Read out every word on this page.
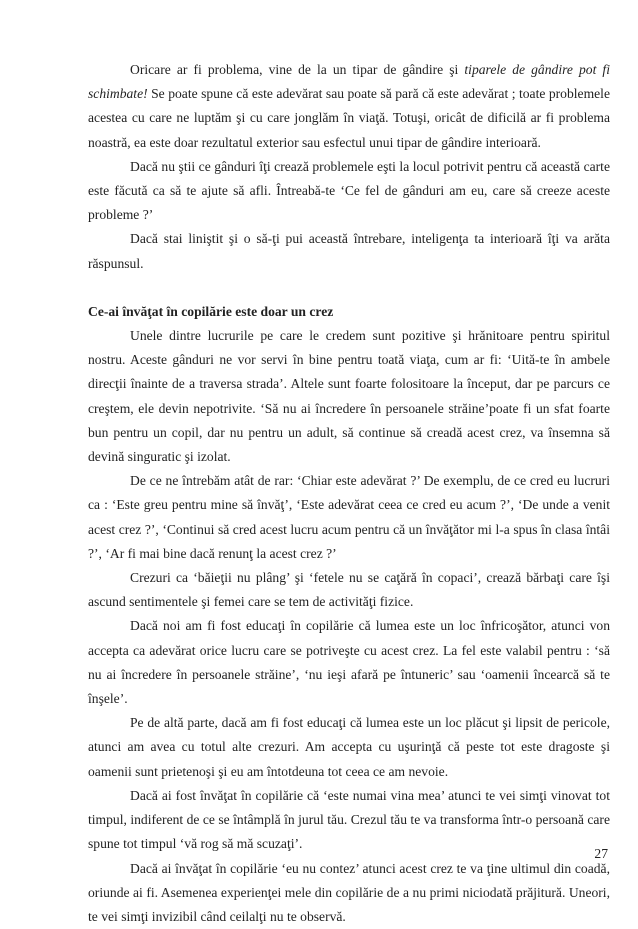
Oricare ar fi problema, vine de la un tipar de gândire şi tiparele de gândire pot fi schimbate! Se poate spune că este adevărat sau poate să pară că este adevărat ; toate problemele acestea cu care ne luptăm şi cu care jonglăm în viaţă. Totuşi, oricât de dificilă ar fi problema noastră, ea este doar rezultatul exterior sau esfectul unui tipar de gândire interioară.

Dacă nu ştii ce gânduri îţi crează problemele eşti la locul potrivit pentru că această carte este făcută ca să te ajute să afli. Întreabă-te ‘Ce fel de gânduri am eu, care să creeze aceste probleme ?’

Dacă stai liniştit şi o să-ţi pui această întrebare, inteligenţa ta interioară îţi va arăta răspunsul.

Ce-ai învăţat în copilărie este doar un crez

Unele dintre lucrurile pe care le credem sunt pozitive şi hrănitoare pentru spiritul nostru. Aceste gânduri ne vor servi în bine pentru toată viaţa, cum ar fi: ‘Uită-te în ambele direcţii înainte de a traversa strada’. Altele sunt foarte folositoare la început, dar pe parcurs ce creştem, ele devin nepotrivite. ‘Să nu ai încredere în persoanele străine’poate fi un sfat foarte bun pentru un copil, dar nu pentru un adult, să continue să creadă acest crez, va însemna să devină singuratic şi izolat.

De ce ne întrebăm atât de rar: ‘Chiar este adevărat ?’ De exemplu, de ce cred eu lucruri ca : ‘Este greu pentru mine să învăţ’, ‘Este adevărat ceea ce cred eu acum ?’, ‘De unde a venit acest crez ?’, ‘Continui să cred acest lucru acum pentru că un învăţător mi l-a spus în clasa întâi ?’, ‘Ar fi mai bine dacă renunţ la acest crez ?’

Crezuri ca ‘băieţii nu plâng’ şi ‘fetele nu se caţără în copaci’, crează bărbaţi care îşi ascund sentimentele şi femei care se tem de activităţi fizice.

Dacă noi am fi fost educaţi în copilărie că lumea este un loc înfricoşător, atunci von accepta ca adevărat orice lucru care se potriveşte cu acest crez. La fel este valabil pentru : ‘să nu ai încredere în persoanele străine’, ‘nu ieşi afară pe întuneric’ sau ‘oamenii încearcă să te înşele’.

Pe de altă parte, dacă am fi fost educaţi că lumea este un loc plăcut şi lipsit de pericole, atunci am avea cu totul alte crezuri. Am accepta cu uşurinţă că peste tot este dragoste şi oamenii sunt prietenoşi şi eu am întotdeuna tot ceea ce am nevoie.

Dacă ai fost învăţat în copilărie că ‘este numai vina mea’ atunci te vei simţi vinovat tot timpul, indiferent de ce se întâmplă în jurul tău. Crezul tău te va transforma într-o persoană care spune tot timpul ‘vă rog să mă scuzaţi’.

Dacă ai învăţat în copilărie ‘eu nu contez’ atunci acest crez te va ţine ultimul din coadă, oriunde ai fi. Asemenea experienţei mele din copilărie de a nu primi niciodată prăjitură. Uneori, te vei simţi invizibil când ceilalţi nu te observă.

27
